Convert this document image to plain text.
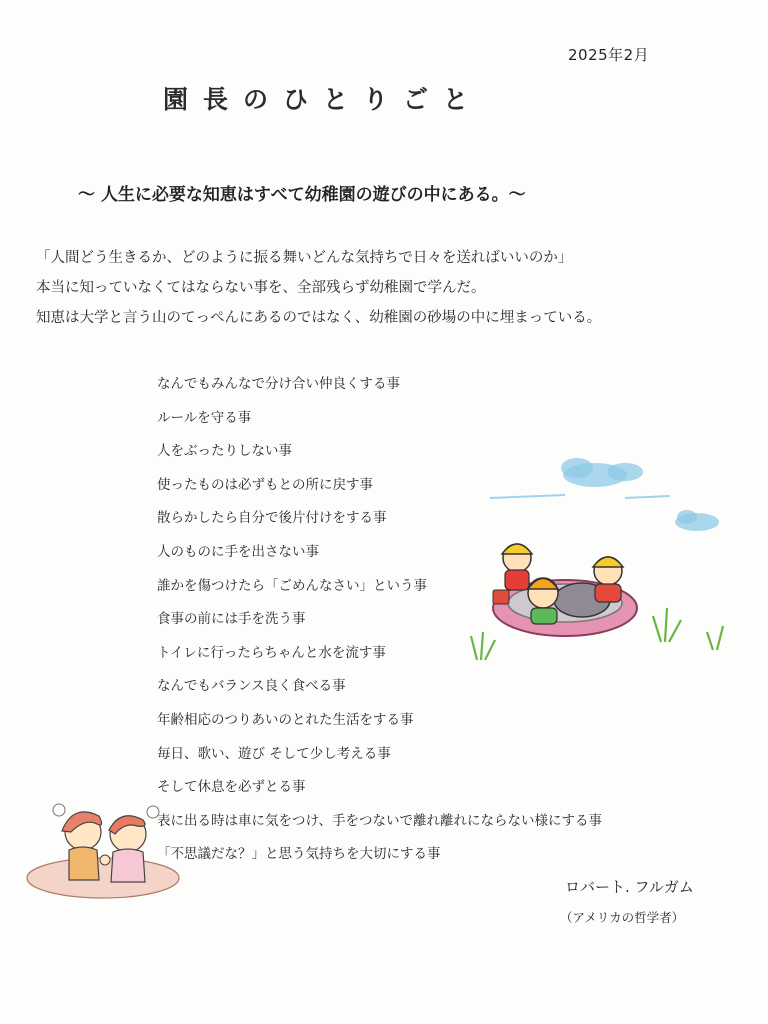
2025年2月
園長のひとりごと
～ 人生に必要な知恵はすべて幼稚園の遊びの中にある。～
「人間どう生きるか、どのように振る舞いどんな気持ちで日々を送ればいいのか」
本当に知っていなくてはならない事を、全部残らず幼稚園で学んだ。
知恵は大学と言う山のてっぺんにあるのではなく、幼稚園の砂場の中に埋まっている。
なんでもみんなで分け合い仲良くする事
ルールを守る事
人をぶったりしない事
使ったものは必ずもとの所に戻す事
散らかしたら自分で後片付けをする事
人のものに手を出さない事
誰かを傷つけたら「ごめんなさい」という事
食事の前には手を洗う事
トイレに行ったらちゃんと水を流す事
なんでもバランス良く食べる事
年齢相応のつりあいのとれた生活をする事
毎日、歌い、遊び そして少し考える事
そして休息を必ずとる事
表に出る時は車に気をつけ、手をつないで離れ離れにならない様にする事
「不思議だな？」と思う気持ちを大切にする事
ロバート. フルガム
（アメリカの哲学者）
